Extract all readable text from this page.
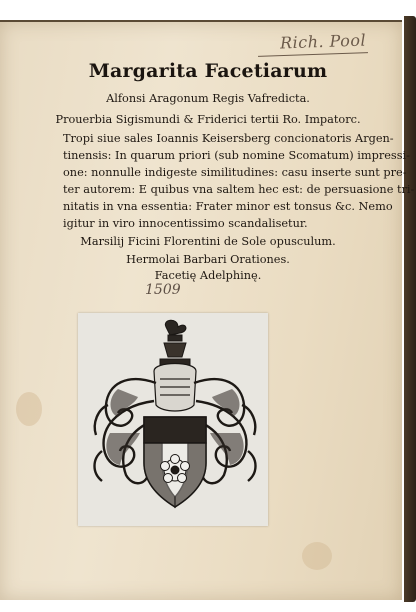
Rich. Pool
Margarita Facetiarum
Alfonsi Aragonum Regis Vafredicta.
Prouerbia Sigismundi & Friderici tertii Ro. Impatorc.
Tropi siue sales Ioannis Keisersberg concionatoris Argen-
tinensis: In quarum priori (sub nomine Scomatum) impressi-
one: nonnulle indigeste similitudines: casu inserte sunt pre-
ter autorem: E quibus vna saltem hec est: de persuasione tri-
nitatis in vna essentia: Frater minor est tonsus &c. Nemo
igitur in viro innocentissimo scandalisetur.
Marsilij Ficini Florentini de Sole opusculum.
Hermolai Barbari Orationes.
Facetię Adelphinę.
1509
